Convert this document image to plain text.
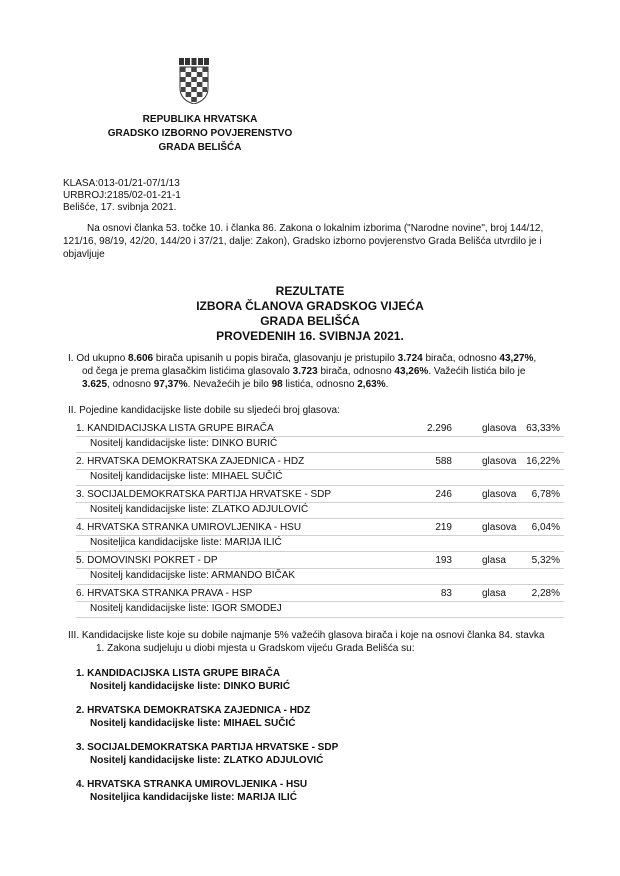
REPUBLIKA HRVATSKA
GRADSKO IZBORNO POVJERENSTVO
GRADA BELIŠĆA
KLASA:013-01/21-07/1/13
URBROJ:2185/02-01-21-1
Belišće, 17. svibnja 2021.
Na osnovi članka 53. točke 10. i članka 86. Zakona o lokalnim izborima ("Narodne novine", broj 144/12,
121/16, 98/19, 42/20, 144/20 i 37/21, dalje: Zakon), Gradsko izborno povjerenstvo Grada Belišća utvrdilo je i
objavljuje
REZULTATE
IZBORA ČLANOVA GRADSKOG VIJEĆA
GRADA BELIŠĆA
PROVEDENIH 16. SVIBNJA 2021.
I. Od ukupno 8.606 birača upisanih u popis birača, glasovanju je pristupilo 3.724 birača, odnosno 43,27%,
od čega je prema glasačkim listićima glasovalo 3.723 birača, odnosno 43,26%. Važećih listića bilo je
3.625, odnosno 97,37%. Nevažećih je bilo 98 listića, odnosno 2,63%.
II. Pojedine kandidacijske liste dobile su sljedeći broj glasova:
1. KANDIDACIJSKA LISTA GRUPE BIRAČA	2.296	glasova 63,33%
Nositelj kandidacijske liste: DINKO BURIĆ
2. HRVATSKA DEMOKRATSKA ZAJEDNICA - HDZ	588	glasova 16,22%
Nositelj kandidacijske liste: MIHAEL SUČIĆ
3. SOCIJALDEMOKRATSKA PARTIJA HRVATSKE - SDP	246	glasova 6,78%
Nositelj kandidacijske liste: ZLATKO ADJULOVIĆ
4. HRVATSKA STRANKA UMIROVLJENIKA - HSU	219	glasova 6,04%
Nositeljica kandidacijske liste: MARIJA ILIĆ
5. DOMOVINSKI POKRET - DP	193	glasa	5,32%
Nositelj kandidacijske liste: ARMANDO BIČAK
6. HRVATSKA STRANKA PRAVA - HSP	83	glasa	2,28%
Nositelj kandidacijske liste: IGOR SMODEJ
III. Kandidacijske liste koje su dobile najmanje 5% važećih glasova birača i koje na osnovi članka 84. stavka
1. Zakona sudjeluju u diobi mjesta u Gradskom vijeću Grada Belišća su:
1. KANDIDACIJSKA LISTA GRUPE BIRAČA
Nositelj kandidacijske liste: DINKO BURIĆ
2. HRVATSKA DEMOKRATSKA ZAJEDNICA - HDZ
Nositelj kandidacijske liste: MIHAEL SUČIĆ
3. SOCIJALDEMOKRATSKA PARTIJA HRVATSKE - SDP
Nositelj kandidacijske liste: ZLATKO ADJULOVIĆ
4. HRVATSKA STRANKA UMIROVLJENIKA - HSU
Nositeljica kandidacijske liste: MARIJA ILIĆ
